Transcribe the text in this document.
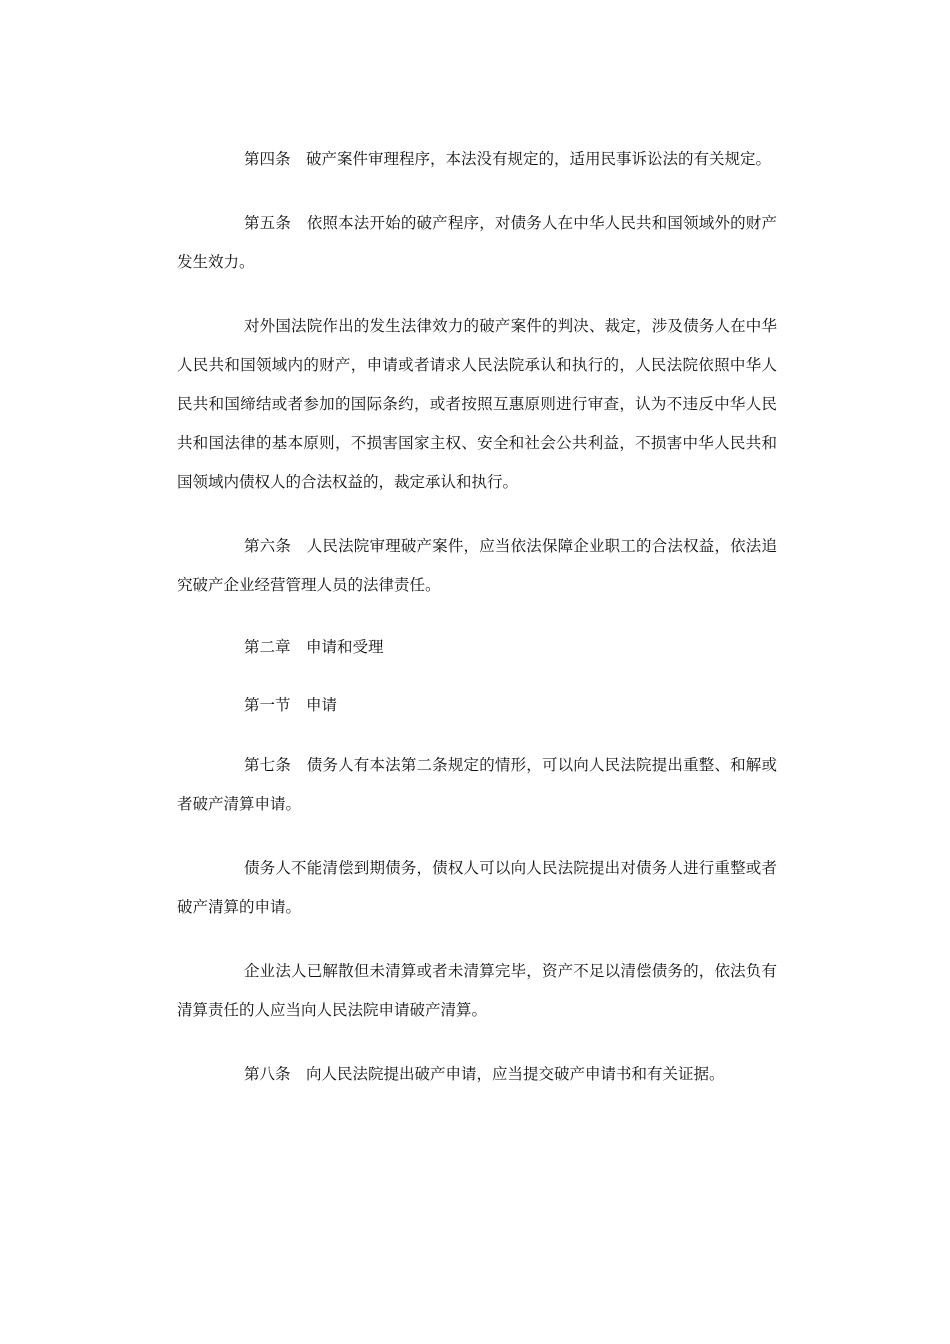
第四条　破产案件审理程序，本法没有规定的，适用民事诉讼法的有关规定。

第五条　依照本法开始的破产程序，对债务人在中华人民共和国领域外的财产发生效力。

对外国法院作出的发生法律效力的破产案件的判决、裁定，涉及债务人在中华人民共和国领域内的财产，申请或者请求人民法院承认和执行的，人民法院依照中华人民共和国缔结或者参加的国际条约，或者按照互惠原则进行审查，认为不违反中华人民共和国法律的基本原则，不损害国家主权、安全和社会公共利益，不损害中华人民共和国领域内债权人的合法权益的，裁定承认和执行。

第六条　人民法院审理破产案件，应当依法保障企业职工的合法权益，依法追究破产企业经营管理人员的法律责任。

第二章　申请和受理

第一节　申请

第七条　债务人有本法第二条规定的情形，可以向人民法院提出重整、和解或者破产清算申请。

债务人不能清偿到期债务，债权人可以向人民法院提出对债务人进行重整或者破产清算的申请。

企业法人已解散但未清算或者未清算完毕，资产不足以清偿债务的，依法负有清算责任的人应当向人民法院申请破产清算。

第八条　向人民法院提出破产申请，应当提交破产申请书和有关证据。
